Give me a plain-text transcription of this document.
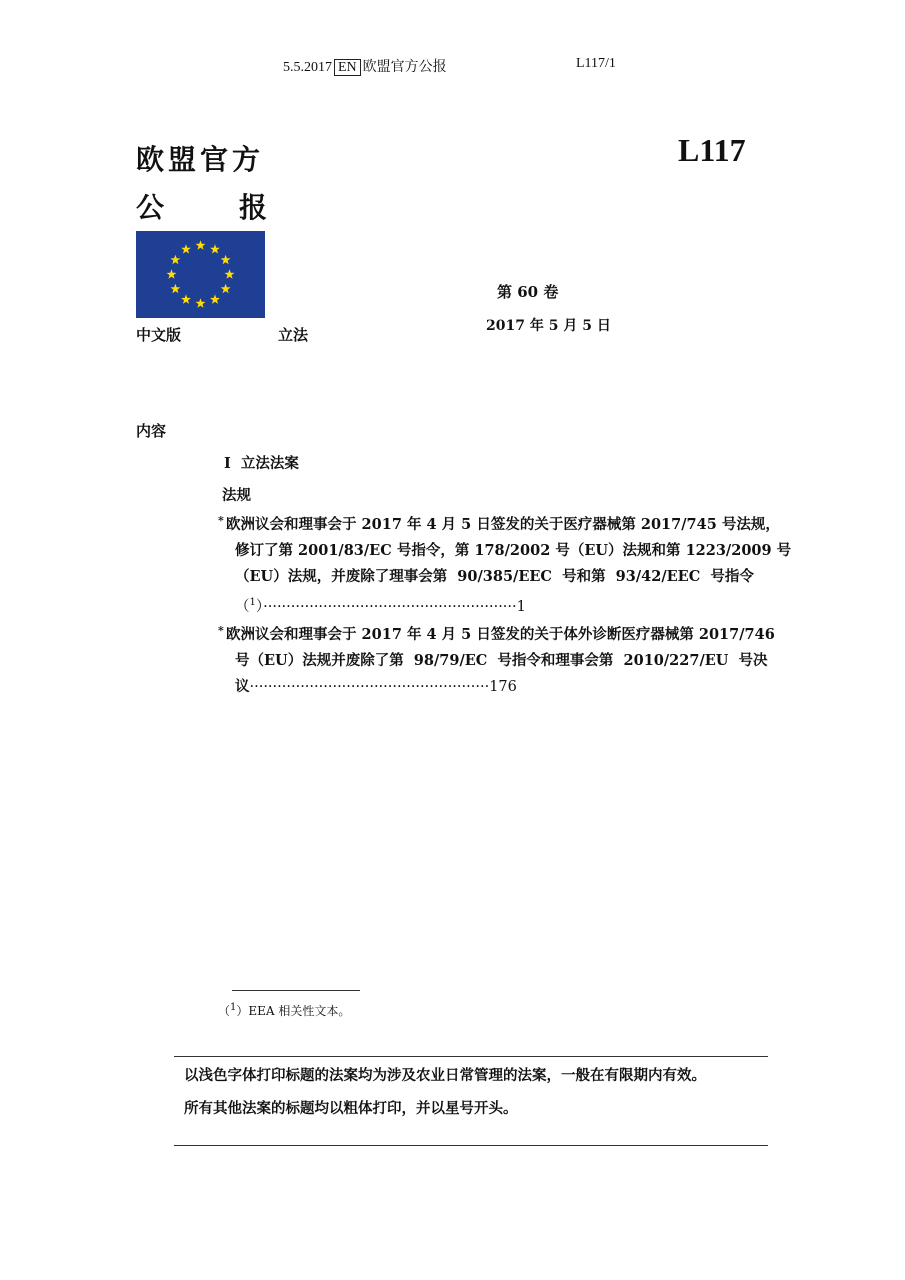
5.5.2017 EN 欧盟官方公报	L117/1
欧盟官方
公	报
L117
中文版	立法
第 60 卷
2017 年 5 月 5 日
内容
I  立法法案
法规
* 欧洲议会和理事会于 2017 年 4 月 5 日签发的关于医疗器械第 2017/745 号法规，
修订了第 2001/83/EC 号指令，第 178/2002 号（EU）法规和第 1223/2009 号
（EU）法规，并废除了理事会第  90/385/EEC  号和第  93/42/EEC  号指令
（$^1$）·······················································1
* 欧洲议会和理事会于 2017 年 4 月 5 日签发的关于体外诊断医疗器械第 2017/746
号（EU）法规并废除了第  98/79/EC  号指令和理事会第  2010/227/EU  号决
议····················································176
（$^1$）EEA 相关性文本。
以浅色字体打印标题的法案均为涉及农业日常管理的法案，一般在有限期内有效。
所有其他法案的标题均以粗体打印，并以星号开头。
